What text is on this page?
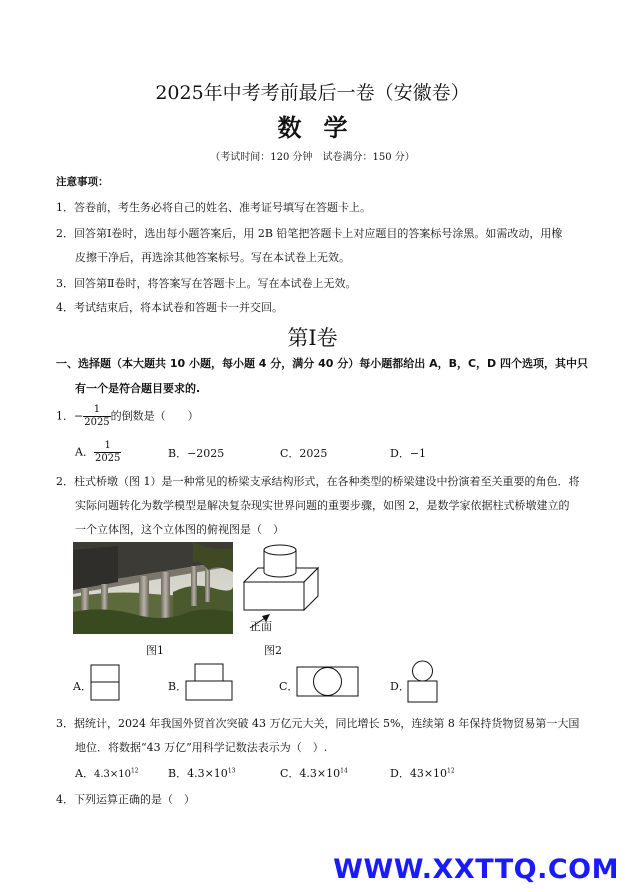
2025年中考考前最后一卷（安徽卷）
数学
（考试时间：120 分钟　试卷满分：150 分）
注意事项：
1．答卷前，考生务必将自己的姓名、准考证号填写在答题卡上。
2．回答第Ⅰ卷时，选出每小题答案后，用 2B 铅笔把答题卡上对应题目的答案标号涂黑。如需改动，用橡
皮擦干净后，再选涂其他答案标号。写在本试卷上无效。
3．回答第Ⅱ卷时，将答案写在答题卡上。写在本试卷上无效。
4．考试结束后，将本试卷和答题卡一并交回。
第Ⅰ卷
一、选择题（本大题共 10 小题，每小题 4 分，满分 40 分）每小题都给出 A，B，C，D 四个选项，其中只
有一个是符合题目要求的.
1．− $\frac{1}{2025}$ 的倒数是（　　）
A． $\frac{1}{2025}$	B．−2025	C．2025	D．−1
2．柱式桥墩（图 1）是一种常见的桥梁支承结构形式，在各种类型的桥梁建设中扮演着至关重要的角色．将
实际问题转化为数学模型是解决复杂现实世界问题的重要步骤，如图 2，是数学家依据柱式桥墩建立的
一个立体图，这个立体图的俯视图是（　）
图1
正面
图2
A．	B．	C．	D．
3．据统计，2024 年我国外贸首次突破 43 万亿元大关，同比增长 5%，连续第 8 年保持货物贸易第一大国
地位．将数据“43 万亿”用科学记数法表示为（　）.
A．$4.3\times 10^{12}$	B．$4.3\times 10^{13}$	C．$4.3\times 10^{14}$	D．$43\times 10^{12}$
4．下列运算正确的是（　）
WWW.XXTTQ.COM
